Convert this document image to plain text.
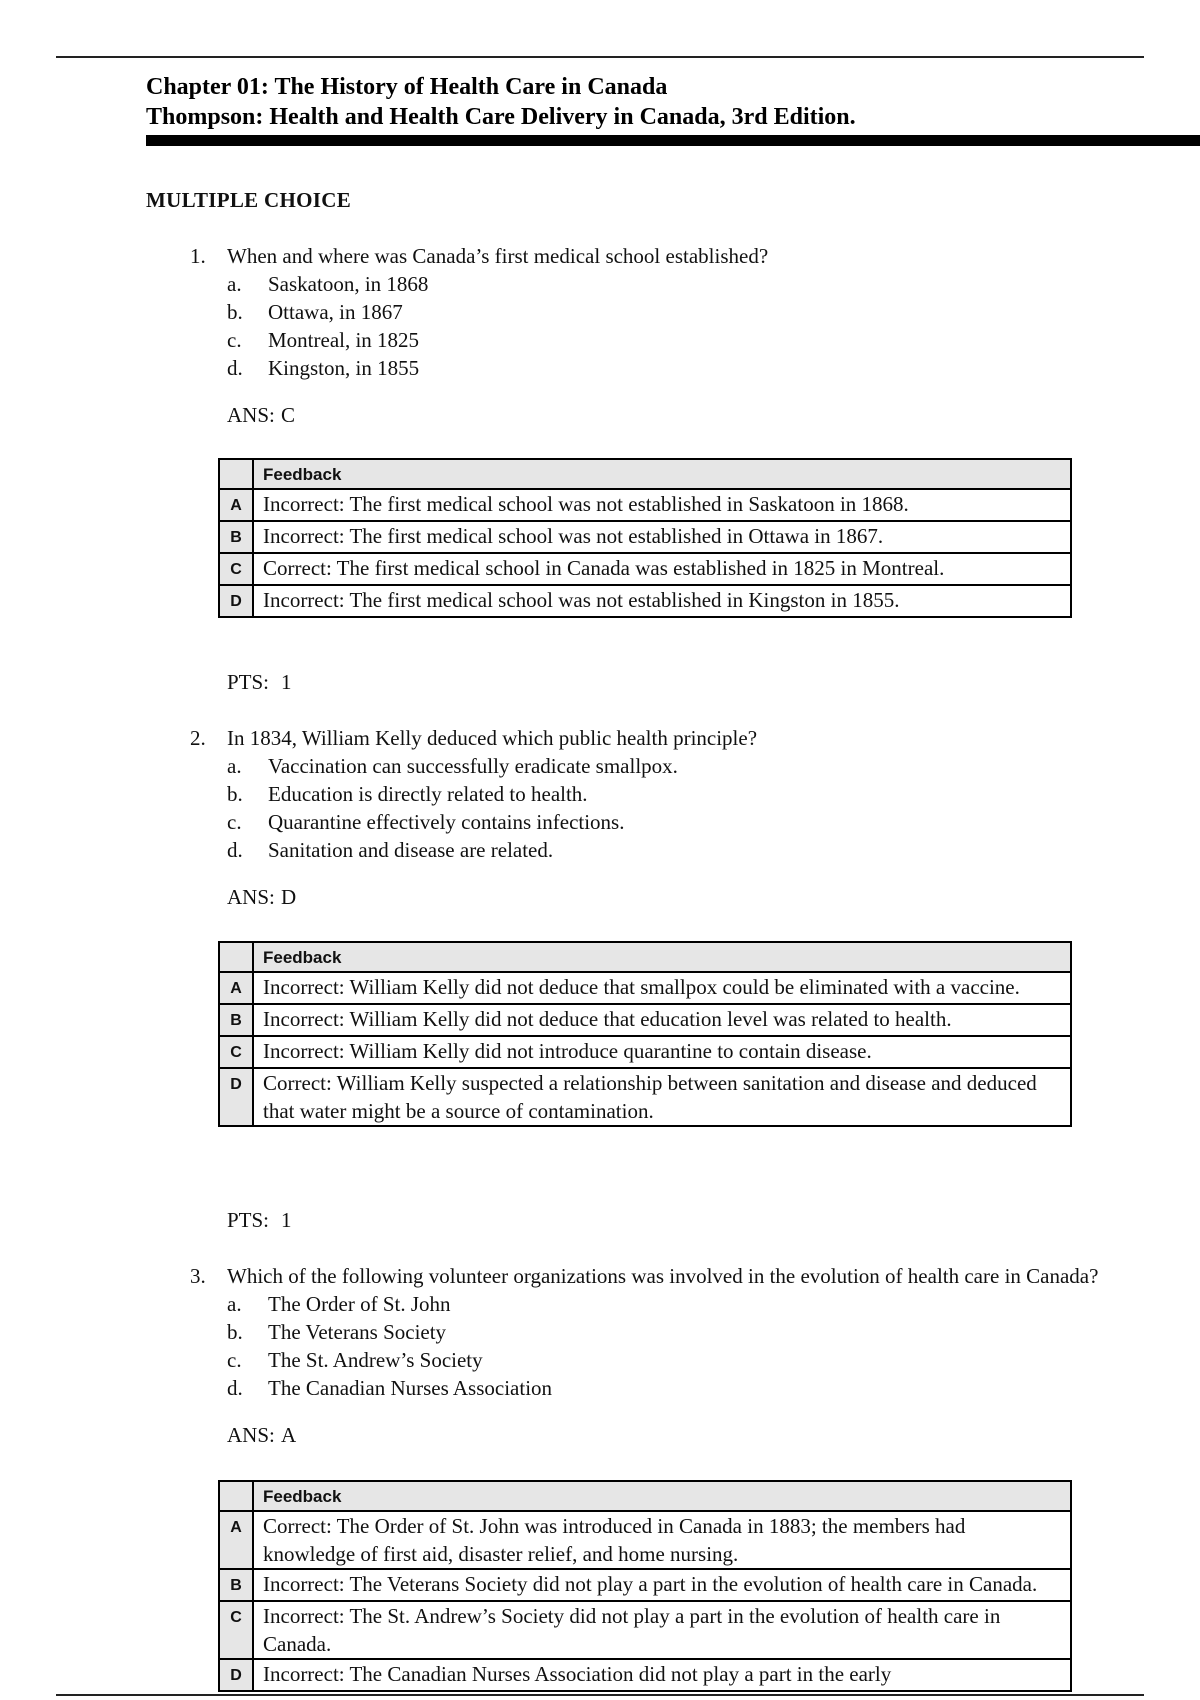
Chapter 01: The History of Health Care in Canada
Thompson: Health and Health Care Delivery in Canada, 3rd Edition.
MULTIPLE CHOICE
1. When and where was Canada’s first medical school established?
a. Saskatoon, in 1868
b. Ottawa, in 1867
c. Montreal, in 1825
d. Kingston, in 1855
ANS: C
	Feedback
A	Incorrect: The first medical school was not established in Saskatoon in 1868.
B	Incorrect: The first medical school was not established in Ottawa in 1867.
C	Correct: The first medical school in Canada was established in 1825 in Montreal.
D	Incorrect: The first medical school was not established in Kingston in 1855.
PTS: 1
2. In 1834, William Kelly deduced which public health principle?
a. Vaccination can successfully eradicate smallpox.
b. Education is directly related to health.
c. Quarantine effectively contains infections.
d. Sanitation and disease are related.
ANS: D
	Feedback
A	Incorrect: William Kelly did not deduce that smallpox could be eliminated with a vaccine.
B	Incorrect: William Kelly did not deduce that education level was related to health.
C	Incorrect: William Kelly did not introduce quarantine to contain disease.
D	Correct: William Kelly suspected a relationship between sanitation and disease and deduced that water might be a source of contamination.
PTS: 1
3. Which of the following volunteer organizations was involved in the evolution of health care in Canada?
a. The Order of St. John
b. The Veterans Society
c. The St. Andrew’s Society
d. The Canadian Nurses Association
ANS: A
	Feedback
A	Correct: The Order of St. John was introduced in Canada in 1883; the members had knowledge of first aid, disaster relief, and home nursing.
B	Incorrect: The Veterans Society did not play a part in the evolution of health care in Canada.
C	Incorrect: The St. Andrew’s Society did not play a part in the evolution of health care in Canada.
D	Incorrect: The Canadian Nurses Association did not play a part in the early
